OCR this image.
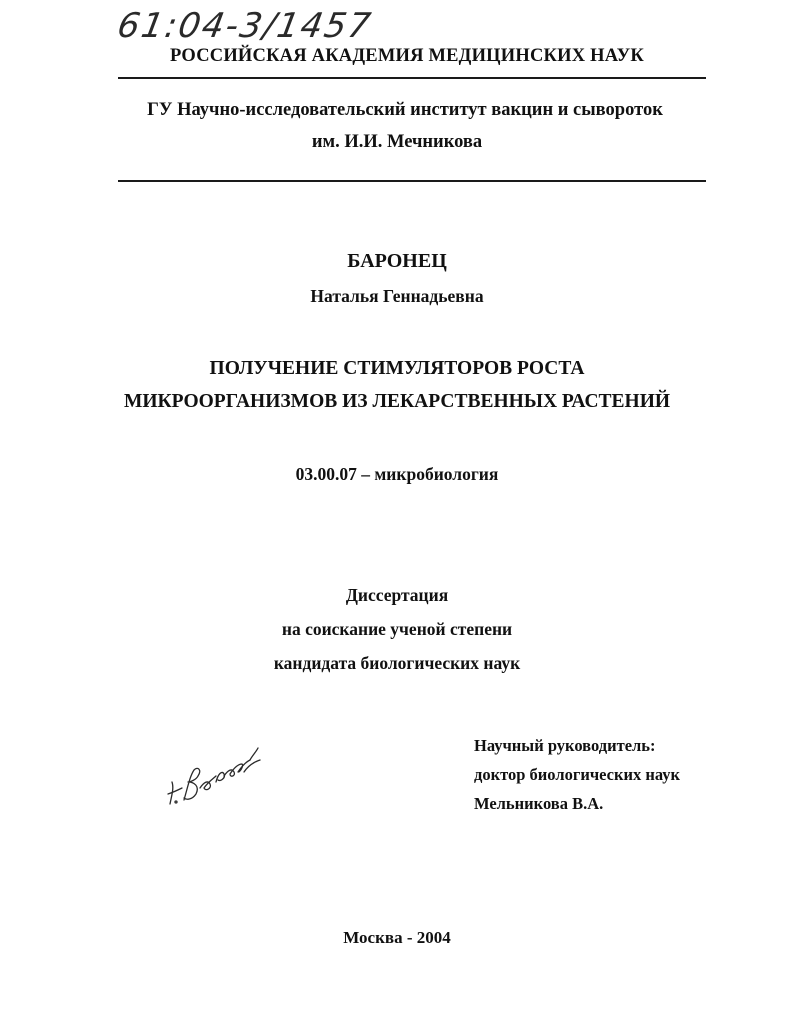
61:04-3/1457
РОССИЙСКАЯ АКАДЕМИЯ МЕДИЦИНСКИХ НАУК
ГУ Научно-исследовательский институт вакцин и сывороток
им. И.И. Мечникова
БАРОНЕЦ
Наталья Геннадьевна
ПОЛУЧЕНИЕ СТИМУЛЯТОРОВ РОСТА
МИКРООРГАНИЗМОВ ИЗ ЛЕКАРСТВЕННЫХ РАСТЕНИЙ
03.00.07 – микробиология
Диссертация
на соискание ученой степени
кандидата биологических наук
Научный руководитель:
доктор биологических наук
Мельникова В.А.
Москва - 2004
